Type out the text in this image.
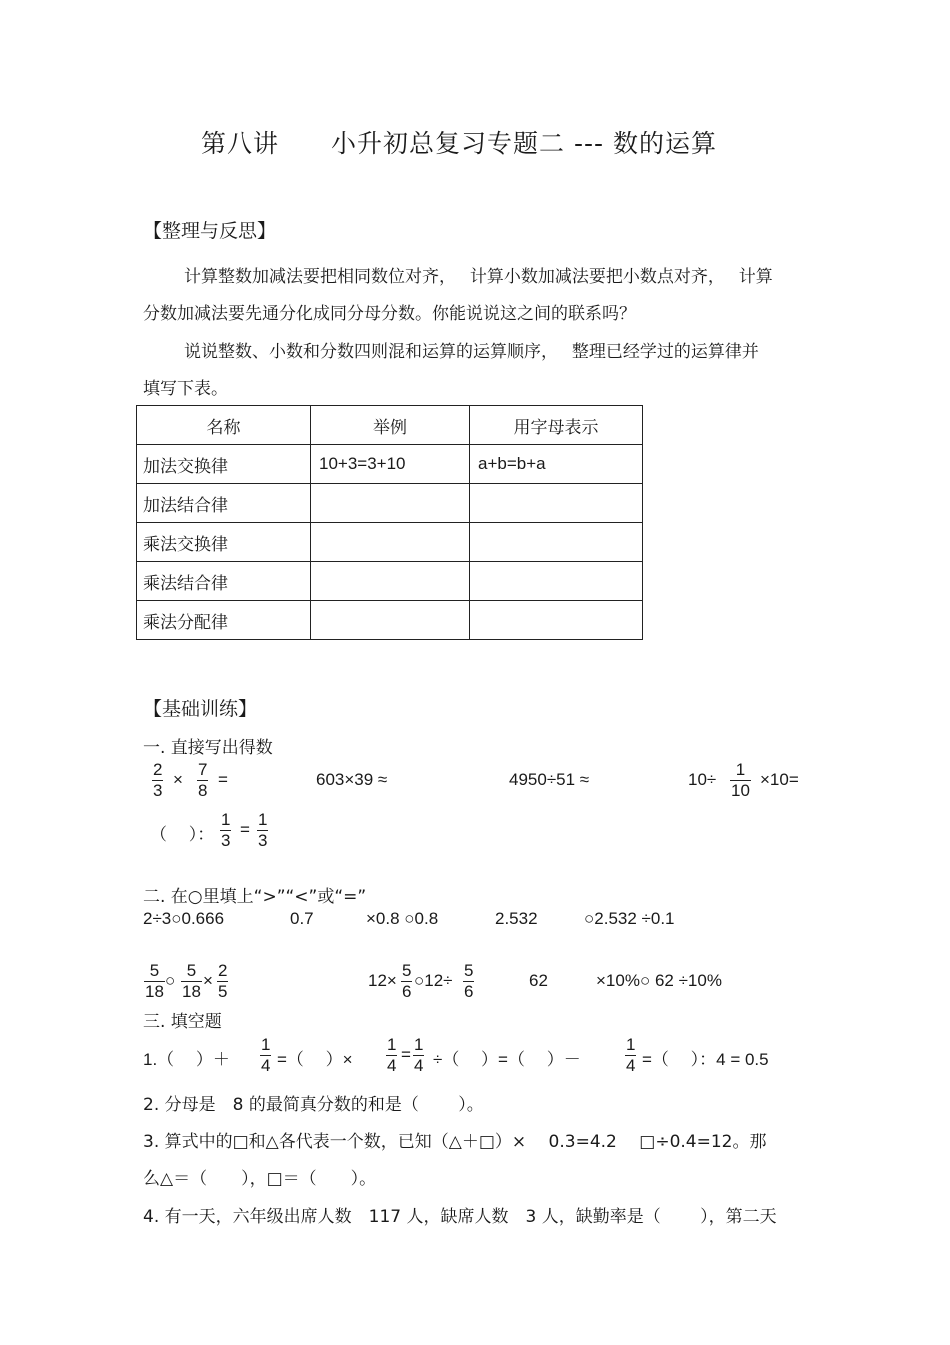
第八讲　　小升初总复习专题二 --- 数的运算
【整理与反思】
计算整数加减法要把相同数位对齐，　 计算小数加减法要把小数点对齐，　 计算
分数加减法要先通分化成同分母分数。你能说说这之间的联系吗？
说说整数、小数和分数四则混和运算的运算顺序，　 整理已经学过的运算律并
填写下表。
名称	举例	用字母表示
加法交换律	10+3=3+10	a+b=b+a
加法结合律		
乘法交换律		
乘法结合律		
乘法分配律		
【基础训练】
一. 直接写出得数
$\frac{2}{3} \times \frac{7}{8}$ =	603×39 ≈	4950÷51 ≈	$10\div \frac{1}{10} \times 10=$
（　 ）： $\frac{1}{3} = \frac{1}{3}$
二. 在○里填上“>”“<”或“=”
2÷3○0.666	0.7	×0.8 ○0.8	2.532	○2.532 ÷0.1
$\frac{5}{18}$ ○ $\frac{5}{18} \times \frac{2}{5}$	$12\times \frac{5}{6}$ ○12÷ $\frac{5}{6}$	62	×10%○ 62 ÷10%
三. 填空题
1.（　 ）＋ $\frac{1}{4}$ =（　 ）× $\frac{1}{4} = \frac{1}{4}$ ÷（　 ）=（　 ）－	$\frac{1}{4}$ =（　 ）：4 = 0.5
2. 分母是　8 的最简真分数的和是（　　 ）。
3. 算式中的□和△各代表一个数，已知（△＋□）×　 0.3=4.2　 □÷0.4=12。那
么△＝（　　），□＝（　　）。
4. 有一天，六年级出席人数　117 人，缺席人数　3 人，缺勤率是（　　 ），第二天
